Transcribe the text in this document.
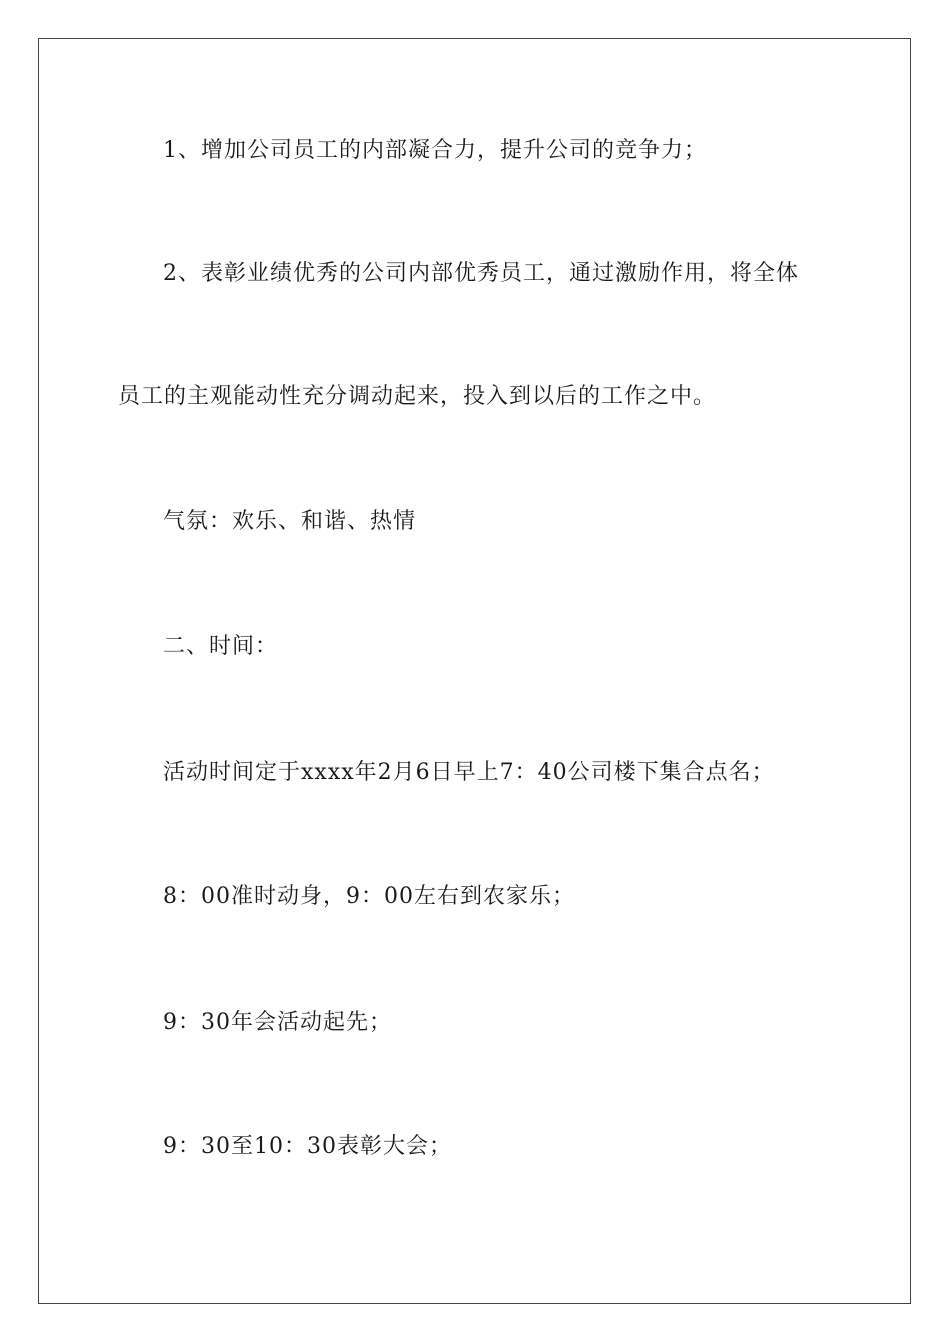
1、增加公司员工的内部凝合力，提升公司的竞争力；
2、表彰业绩优秀的公司内部优秀员工，通过激励作用，将全体
员工的主观能动性充分调动起来，投入到以后的工作之中。
气氛：欢乐、和谐、热情
二、时间：
活动时间定于xxxx年2月6日早上7：40公司楼下集合点名；
8：00准时动身，9：00左右到农家乐；
9：30年会活动起先；
9：30至10：30表彰大会；
